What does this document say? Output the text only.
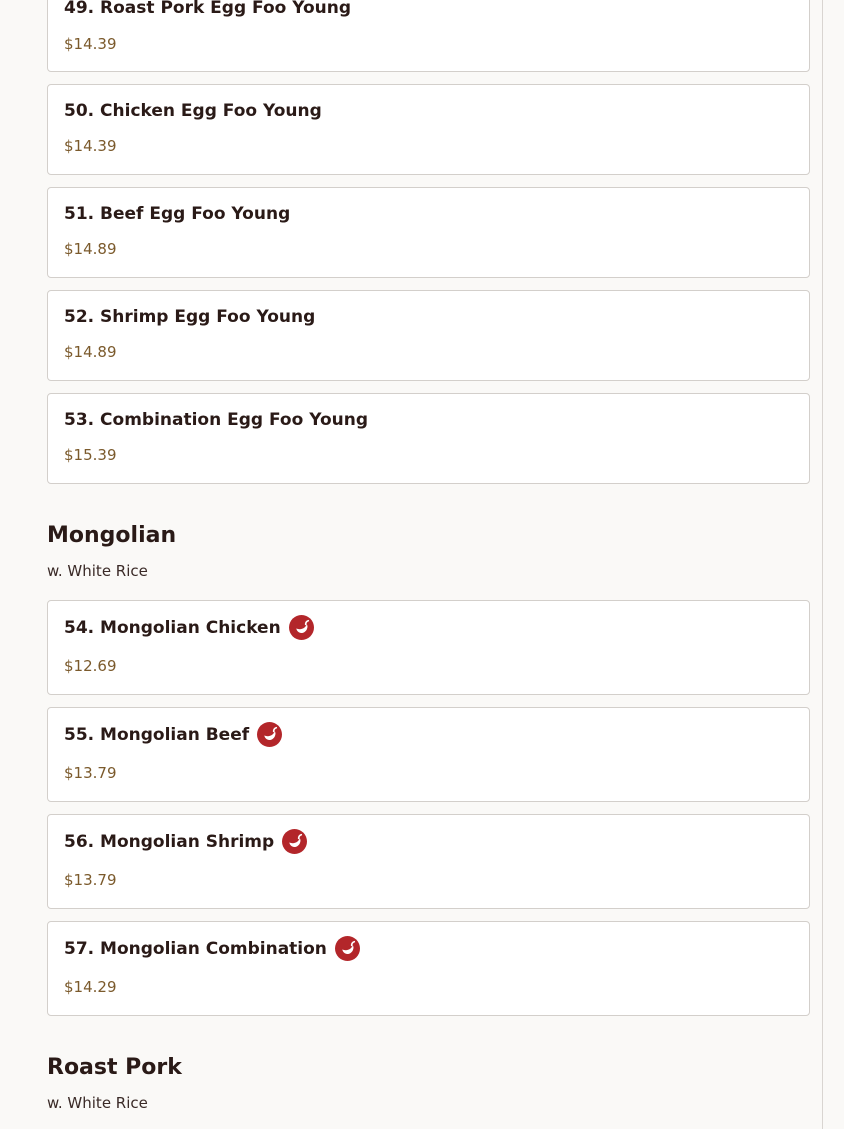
49. Roast Pork Egg Foo Young
$14.39
50. Chicken Egg Foo Young
$14.39
51. Beef Egg Foo Young
$14.89
52. Shrimp Egg Foo Young
$14.89
53. Combination Egg Foo Young
$15.39
Mongolian
w. White Rice
54. Mongolian Chicken
$12.69
55. Mongolian Beef
$13.79
56. Mongolian Shrimp
$13.79
57. Mongolian Combination
$14.29
Roast Pork
w. White Rice
